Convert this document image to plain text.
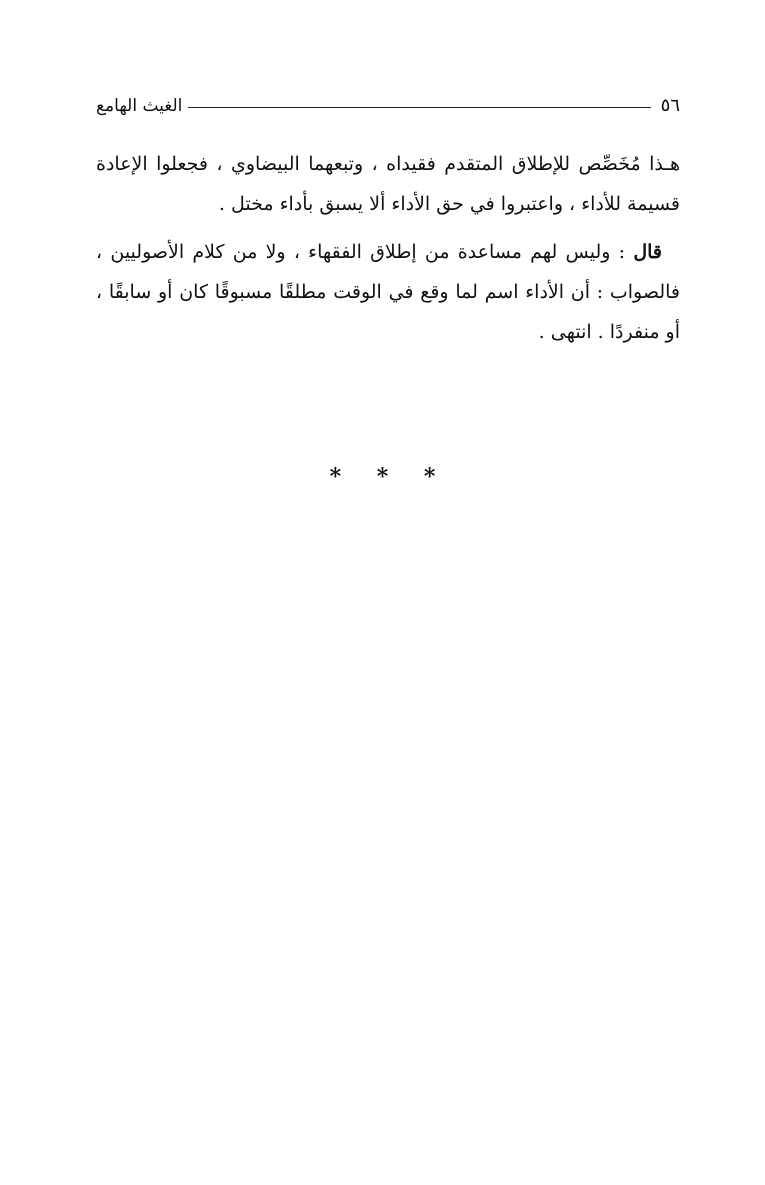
الغيث الهامع	٥٦

هـذا مُخَصِّص للإطلاق المتقدم فقيداه ، وتبعهما البيضاوي ، فجعلوا الإعادة قسيمة للأداء ، واعتبروا في حق الأداء ألا يسبق بأداء مختل .

قال : وليس لهم مساعدة من إطلاق الفقهاء ، ولا من كلام الأصوليين ، فالصواب : أن الأداء اسم لما وقع في الوقت مطلقًا مسبوقًا كان أو سابقًا ، أو منفردًا . انتهى .

* * *
